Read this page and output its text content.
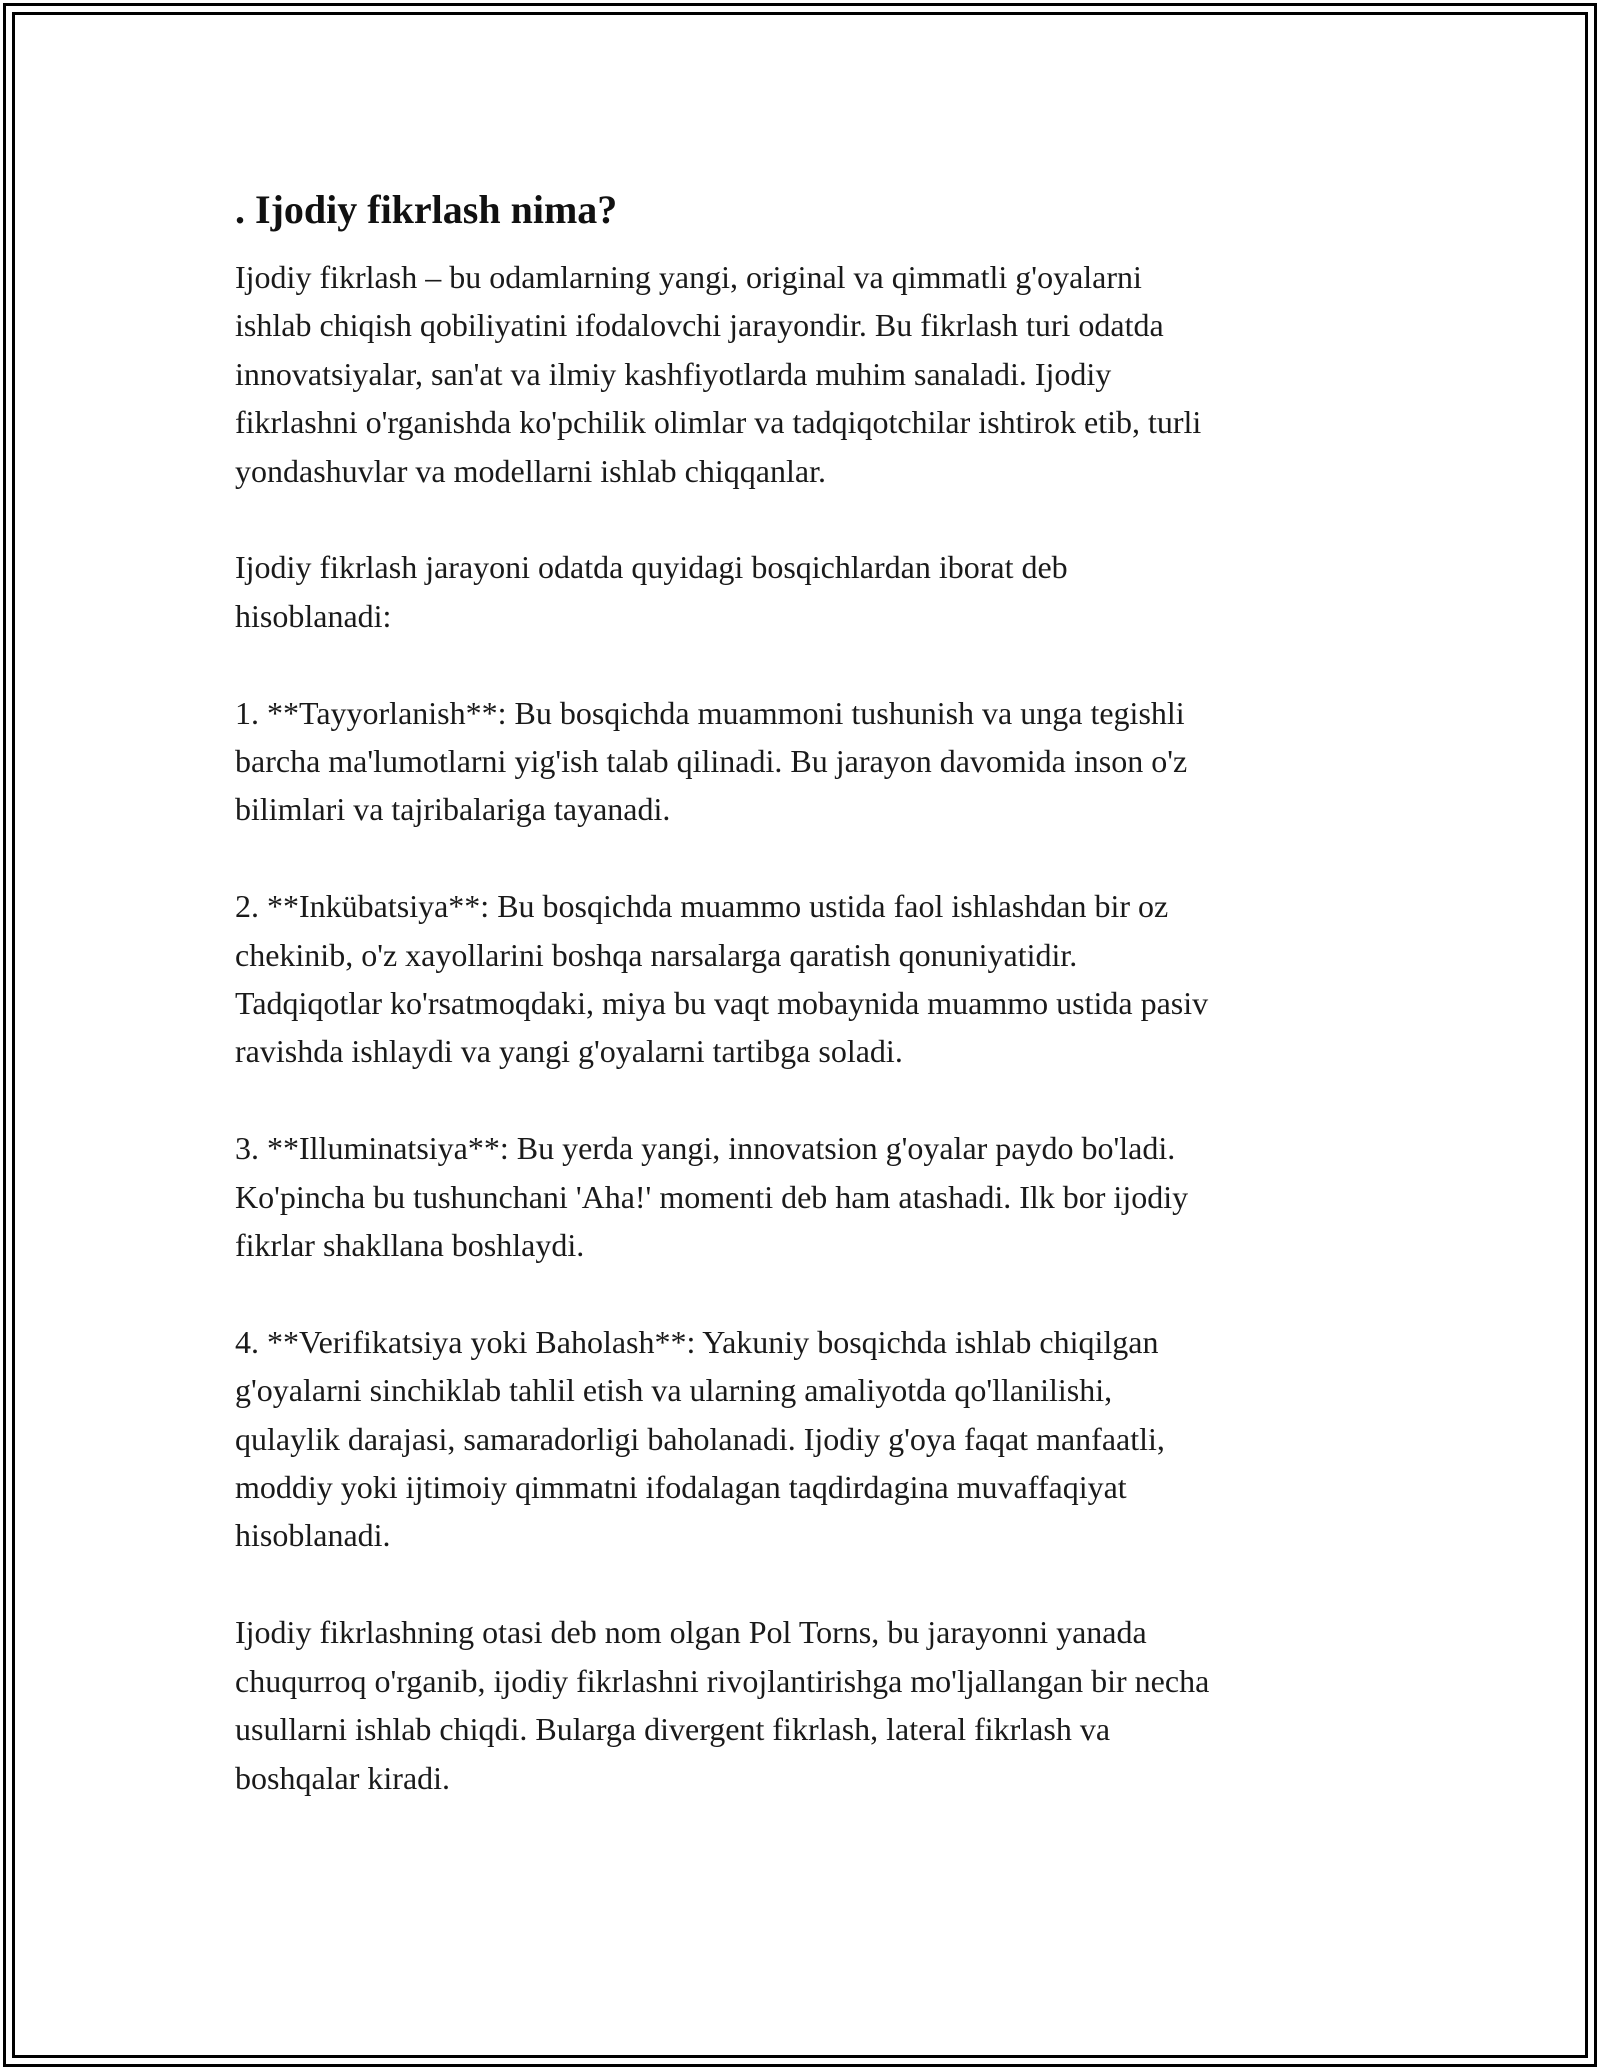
. Ijodiy fikrlash nima?

Ijodiy fikrlash – bu odamlarning yangi, original va qimmatli g'oyalarni
ishlab chiqish qobiliyatini ifodalovchi jarayondir. Bu fikrlash turi odatda
innovatsiyalar, san'at va ilmiy kashfiyotlarda muhim sanaladi. Ijodiy
fikrlashni o'rganishda ko'pchilik olimlar va tadqiqotchilar ishtirok etib, turli
yondashuvlar va modellarni ishlab chiqqanlar.

Ijodiy fikrlash jarayoni odatda quyidagi bosqichlardan iborat deb
hisoblanadi:

1. **Tayyorlanish**: Bu bosqichda muammoni tushunish va unga tegishli
barcha ma'lumotlarni yig'ish talab qilinadi. Bu jarayon davomida inson o'z
bilimlari va tajribalariga tayanadi.

2. **Inkübatsiya**: Bu bosqichda muammo ustida faol ishlashdan bir oz
chekinib, o'z xayollarini boshqa narsalarga qaratish qonuniyatidir.
Tadqiqotlar ko'rsatmoqdaki, miya bu vaqt mobaynida muammo ustida pasiv
ravishda ishlaydi va yangi g'oyalarni tartibga soladi.

3. **Illuminatsiya**: Bu yerda yangi, innovatsion g'oyalar paydo bo'ladi.
Ko'pincha bu tushunchani 'Aha!' momenti deb ham atashadi. Ilk bor ijodiy
fikrlar shakllana boshlaydi.

4. **Verifikatsiya yoki Baholash**: Yakuniy bosqichda ishlab chiqilgan
g'oyalarni sinchiklab tahlil etish va ularning amaliyotda qo'llanilishi,
qulaylik darajasi, samaradorligi baholanadi. Ijodiy g'oya faqat manfaatli,
moddiy yoki ijtimoiy qimmatni ifodalagan taqdirdagina muvaffaqiyat
hisoblanadi.

Ijodiy fikrlashning otasi deb nom olgan Pol Torns, bu jarayonni yanada
chuqurroq o'rganib, ijodiy fikrlashni rivojlantirishga mo'ljallangan bir necha
usullarni ishlab chiqdi. Bularga divergent fikrlash, lateral fikrlash va
boshqalar kiradi.
